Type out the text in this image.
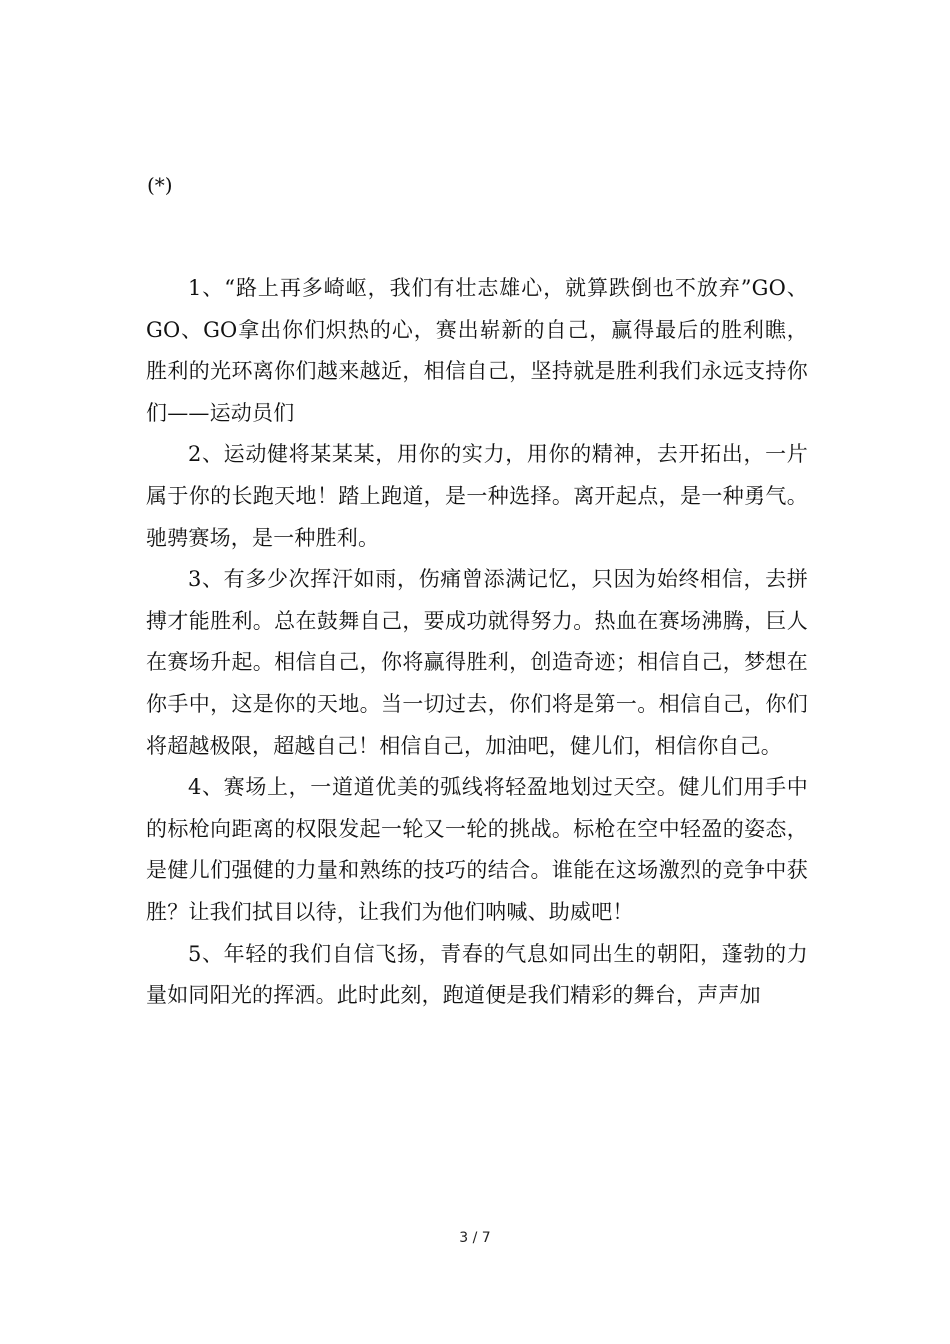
(*)

1、“路上再多崎岖，我们有壮志雄心，就算跌倒也不放弃”GO、GO、GO拿出你们炽热的心，赛出崭新的自己，赢得最后的胜利瞧，胜利的光环离你们越来越近，相信自己，坚持就是胜利我们永远支持你们——运动员们

2、运动健将某某某，用你的实力，用你的精神，去开拓出，一片属于你的长跑天地！踏上跑道，是一种选择。离开起点，是一种勇气。驰骋赛场，是一种胜利。

3、有多少次挥汗如雨，伤痛曾添满记忆，只因为始终相信，去拼搏才能胜利。总在鼓舞自己，要成功就得努力。热血在赛场沸腾，巨人在赛场升起。相信自己，你将赢得胜利，创造奇迹；相信自己，梦想在你手中，这是你的天地。当一切过去，你们将是第一。相信自己，你们将超越极限，超越自己！相信自己，加油吧，健儿们，相信你自己。

4、赛场上，一道道优美的弧线将轻盈地划过天空。健儿们用手中的标枪向距离的权限发起一轮又一轮的挑战。标枪在空中轻盈的姿态，是健儿们强健的力量和熟练的技巧的结合。谁能在这场激烈的竞争中获胜？让我们拭目以待，让我们为他们呐喊、助威吧！

5、年轻的我们自信飞扬，青春的气息如同出生的朝阳，蓬勃的力量如同阳光的挥洒。此时此刻，跑道便是我们精彩的舞台，声声加

3 / 7
